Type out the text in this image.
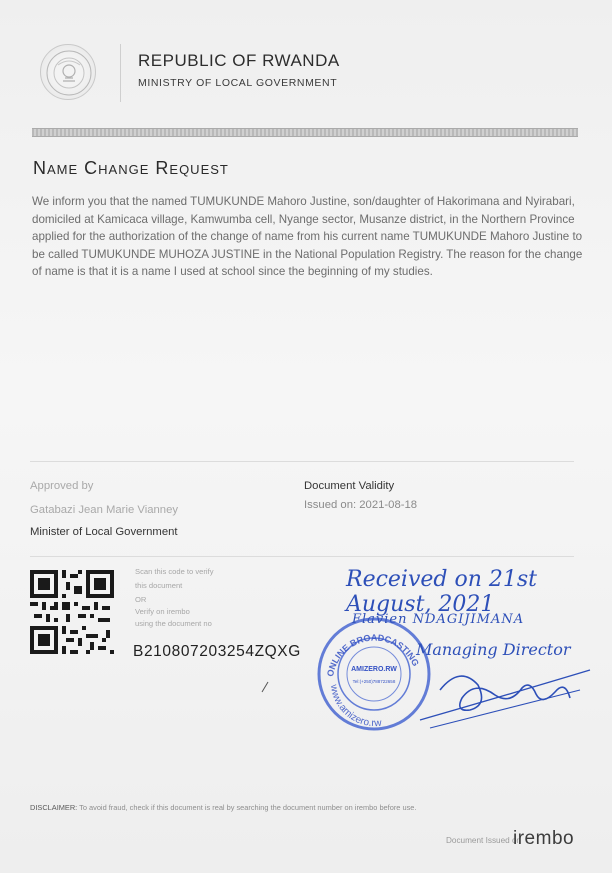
REPUBLIC OF RWANDA
MINISTRY OF LOCAL GOVERNMENT
Name Change Request
We inform you that the named TUMUKUNDE Mahoro Justine, son/daughter of Hakorimana and Nyirabari, domiciled at Kamicaca village, Kamwumba cell, Nyange sector, Musanze district, in the Northern Province applied for the authorization of the change of name from his current name TUMUKUNDE Mahoro Justine to be called TUMUKUNDE MUHOZA JUSTINE in the National Population Registry. The reason for the change of name is that it is a name I used at school since the beginning of my studies.
Approved by
Gatabazi Jean Marie Vianney
Minister of Local Government
Document Validity
Issued on: 2021-08-18
Scan this code to verify
this document
OR
Verify on irembo
using the document no
B210807203254ZQXG
ONLINE BROADCASTING
www.amizero.rw
AMIZERO.RW
Tel:(+250)788722658
Received on 21st August, 2021
Flavien NDAGIJIMANA
Managing Director
DISCLAIMER: To avoid fraud, check if this document is real by searching the document number on irembo before use.
Document Issued on
irembo
